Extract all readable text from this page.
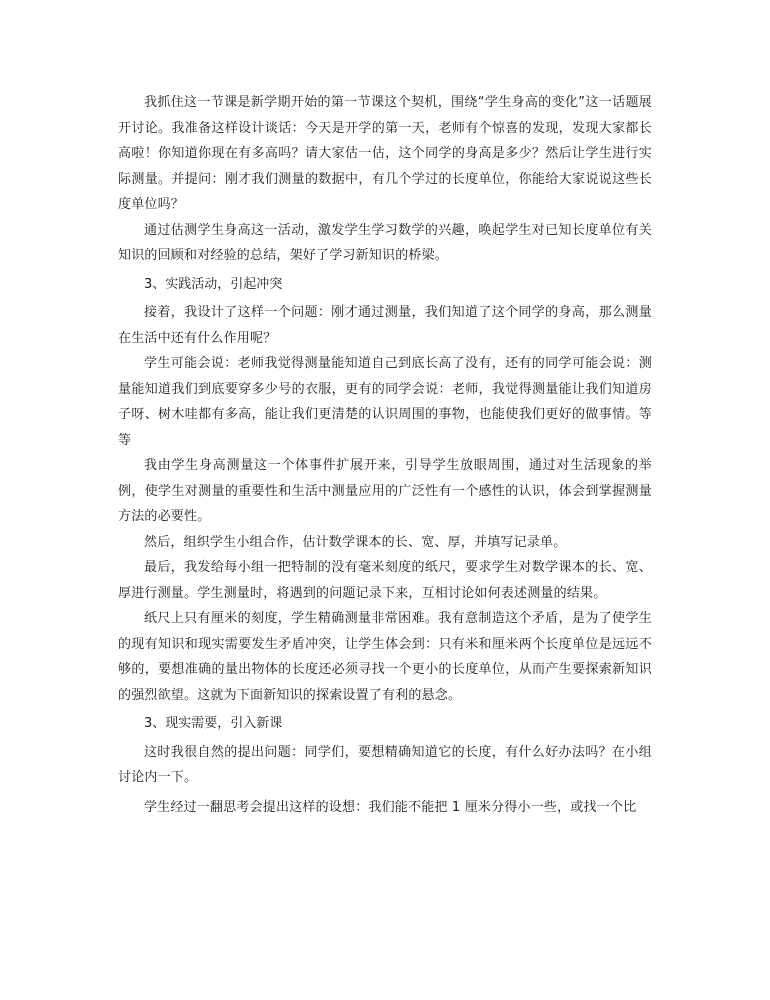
我抓住这一节课是新学期开始的第一节课这个契机，围绕“学生身高的变化”这一话题展开讨论。我准备这样设计谈话：今天是开学的第一天，老师有个惊喜的发现，发现大家都长高啦！你知道你现在有多高吗？请大家估一估，这个同学的身高是多少？然后让学生进行实际测量。并提问：刚才我们测量的数据中，有几个学过的长度单位，你能给大家说说这些长度单位吗？

通过估测学生身高这一活动，激发学生学习数学的兴趣，唤起学生对已知长度单位有关知识的回顾和对经验的总结，架好了学习新知识的桥梁。

3、实践活动，引起冲突

接着，我设计了这样一个问题：刚才通过测量，我们知道了这个同学的身高，那么测量在生活中还有什么作用呢？

学生可能会说：老师我觉得测量能知道自己到底长高了没有，还有的同学可能会说：测量能知道我们到底要穿多少号的衣服，更有的同学会说：老师，我觉得测量能让我们知道房子呀、树木哇都有多高，能让我们更清楚的认识周围的事物，也能使我们更好的做事情。等等

我由学生身高测量这一个体事件扩展开来，引导学生放眼周围，通过对生活现象的举例，使学生对测量的重要性和生活中测量应用的广泛性有一个感性的认识，体会到掌握测量方法的必要性。

然后，组织学生小组合作，估计数学课本的长、宽、厚，并填写记录单。

最后，我发给每小组一把特制的没有毫米刻度的纸尺，要求学生对数学课本的长、宽、厚进行测量。学生测量时，将遇到的问题记录下来，互相讨论如何表述测量的结果。

纸尺上只有厘米的刻度，学生精确测量非常困难。我有意制造这个矛盾，是为了使学生的现有知识和现实需要发生矛盾冲突，让学生体会到：只有米和厘米两个长度单位是远远不够的，要想准确的量出物体的长度还必须寻找一个更小的长度单位，从而产生要探索新知识的强烈欲望。这就为下面新知识的探索设置了有利的悬念。

3、现实需要，引入新课

这时我很自然的提出问题：同学们，要想精确知道它的长度，有什么好办法吗？在小组讨论内一下。

学生经过一翻思考会提出这样的设想：我们能不能把 1 厘米分得小一些，或找一个比
